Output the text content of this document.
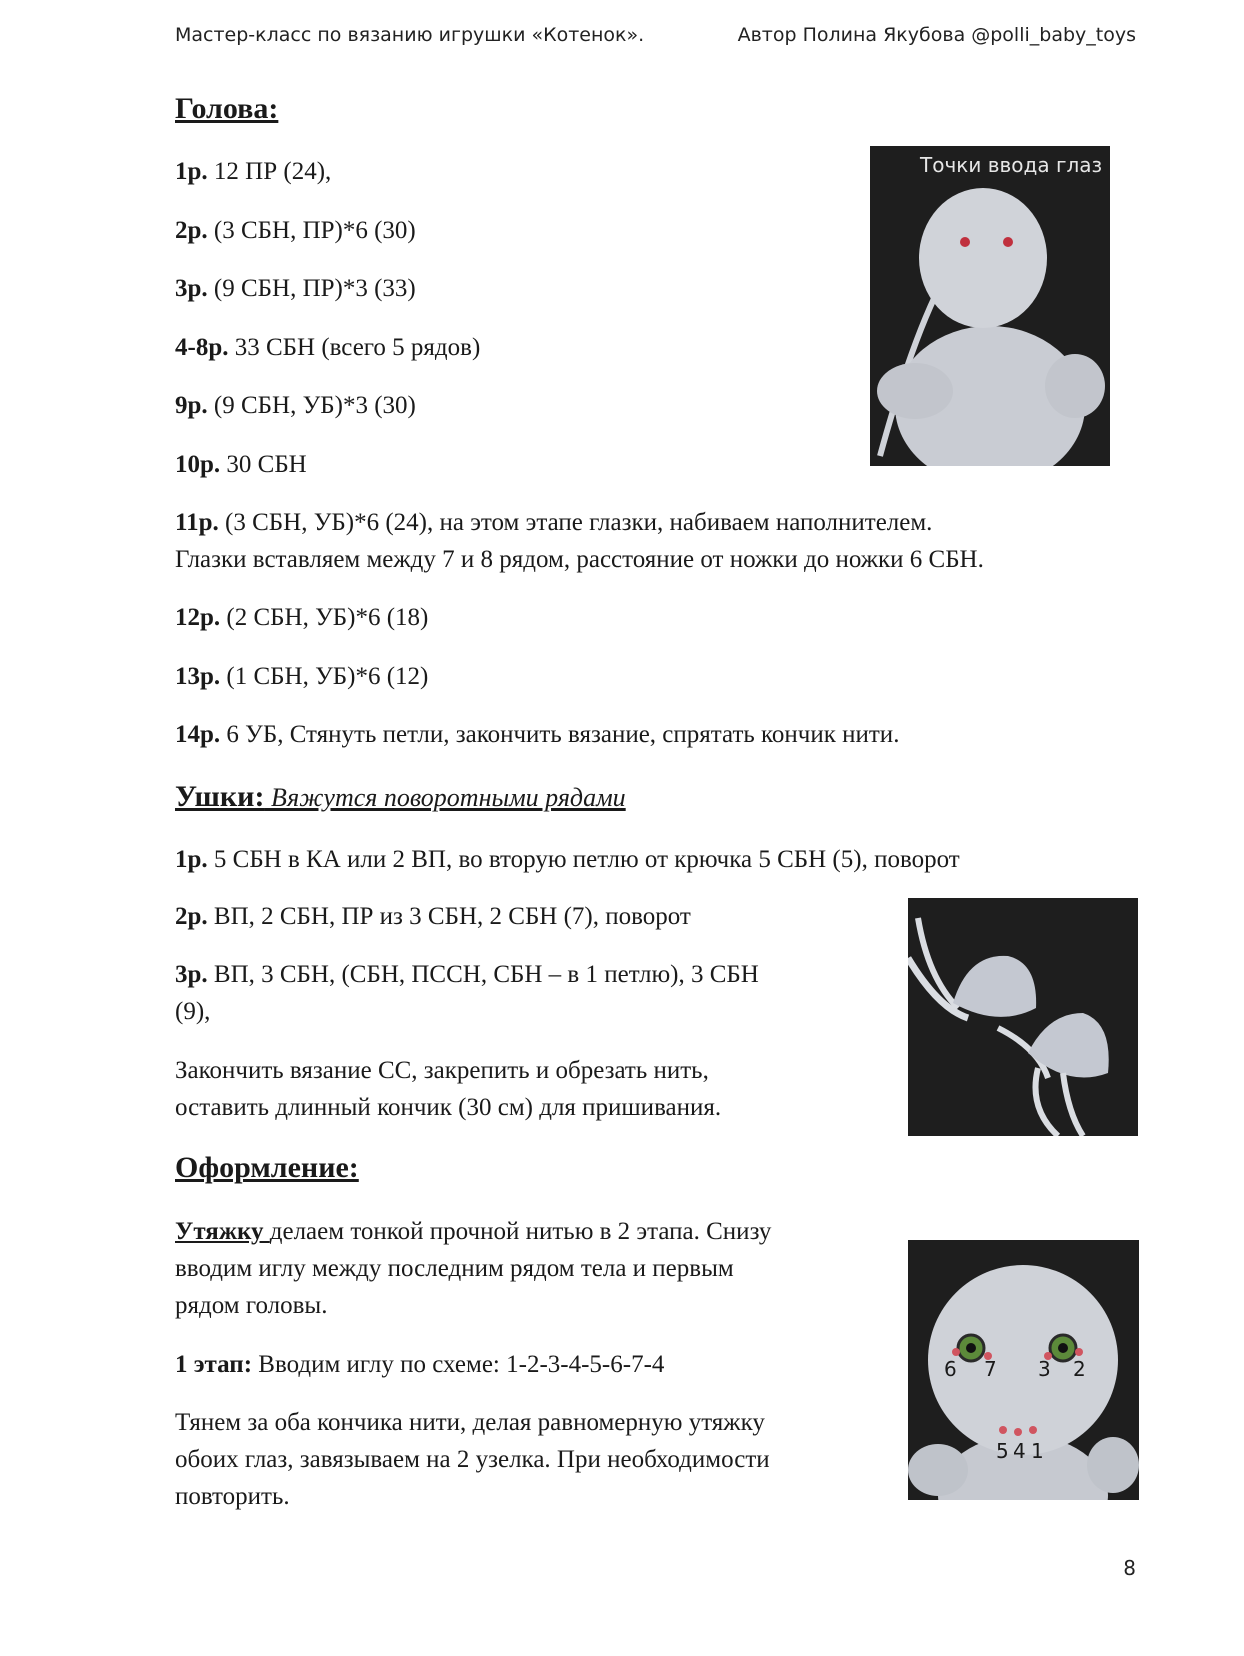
Мастер-класс по вязанию игрушки «Котенок».	Автор Полина Якубова @polli_baby_toys
Голова:
1р. 12 ПР (24),
2р. (3 СБН, ПР)*6 (30)
3р. (9 СБН, ПР)*3 (33)
4-8р. 33 СБН (всего 5 рядов)
9р. (9 СБН, УБ)*3 (30)
10р. 30 СБН
11р. (3 СБН, УБ)*6 (24), на этом этапе глазки, набиваем наполнителем.
Глазки вставляем между 7 и 8 рядом, расстояние от ножки до ножки 6 СБН.
12р. (2 СБН, УБ)*6 (18)
13р. (1 СБН, УБ)*6 (12)
14р. 6 УБ, Стянуть петли, закончить вязание, спрятать кончик нити.
Точки ввода глаз
Ушки: Вяжутся поворотными рядами
1р. 5 СБН в КА или 2 ВП, во вторую петлю от крючка 5 СБН (5), поворот
2р. ВП, 2 СБН, ПР из 3 СБН, 2 СБН (7), поворот
3р. ВП, 3 СБН, (СБН, ПССН, СБН – в 1 петлю), 3 СБН
(9),
Закончить вязание СС, закрепить и обрезать нить,
оставить длинный кончик (30 см) для пришивания.
Оформление:
Утяжку делаем тонкой прочной нитью в 2 этапа. Снизу
вводим иглу между последним рядом тела и первым
рядом головы.
1 этап: Вводим иглу по схеме: 1-2-3-4-5-6-7-4
Тянем за оба кончика нити, делая равномерную утяжку
обоих глаз, завязываем на 2 узелка. При необходимости
повторить.
6 7 3 2
5 4 1
8
